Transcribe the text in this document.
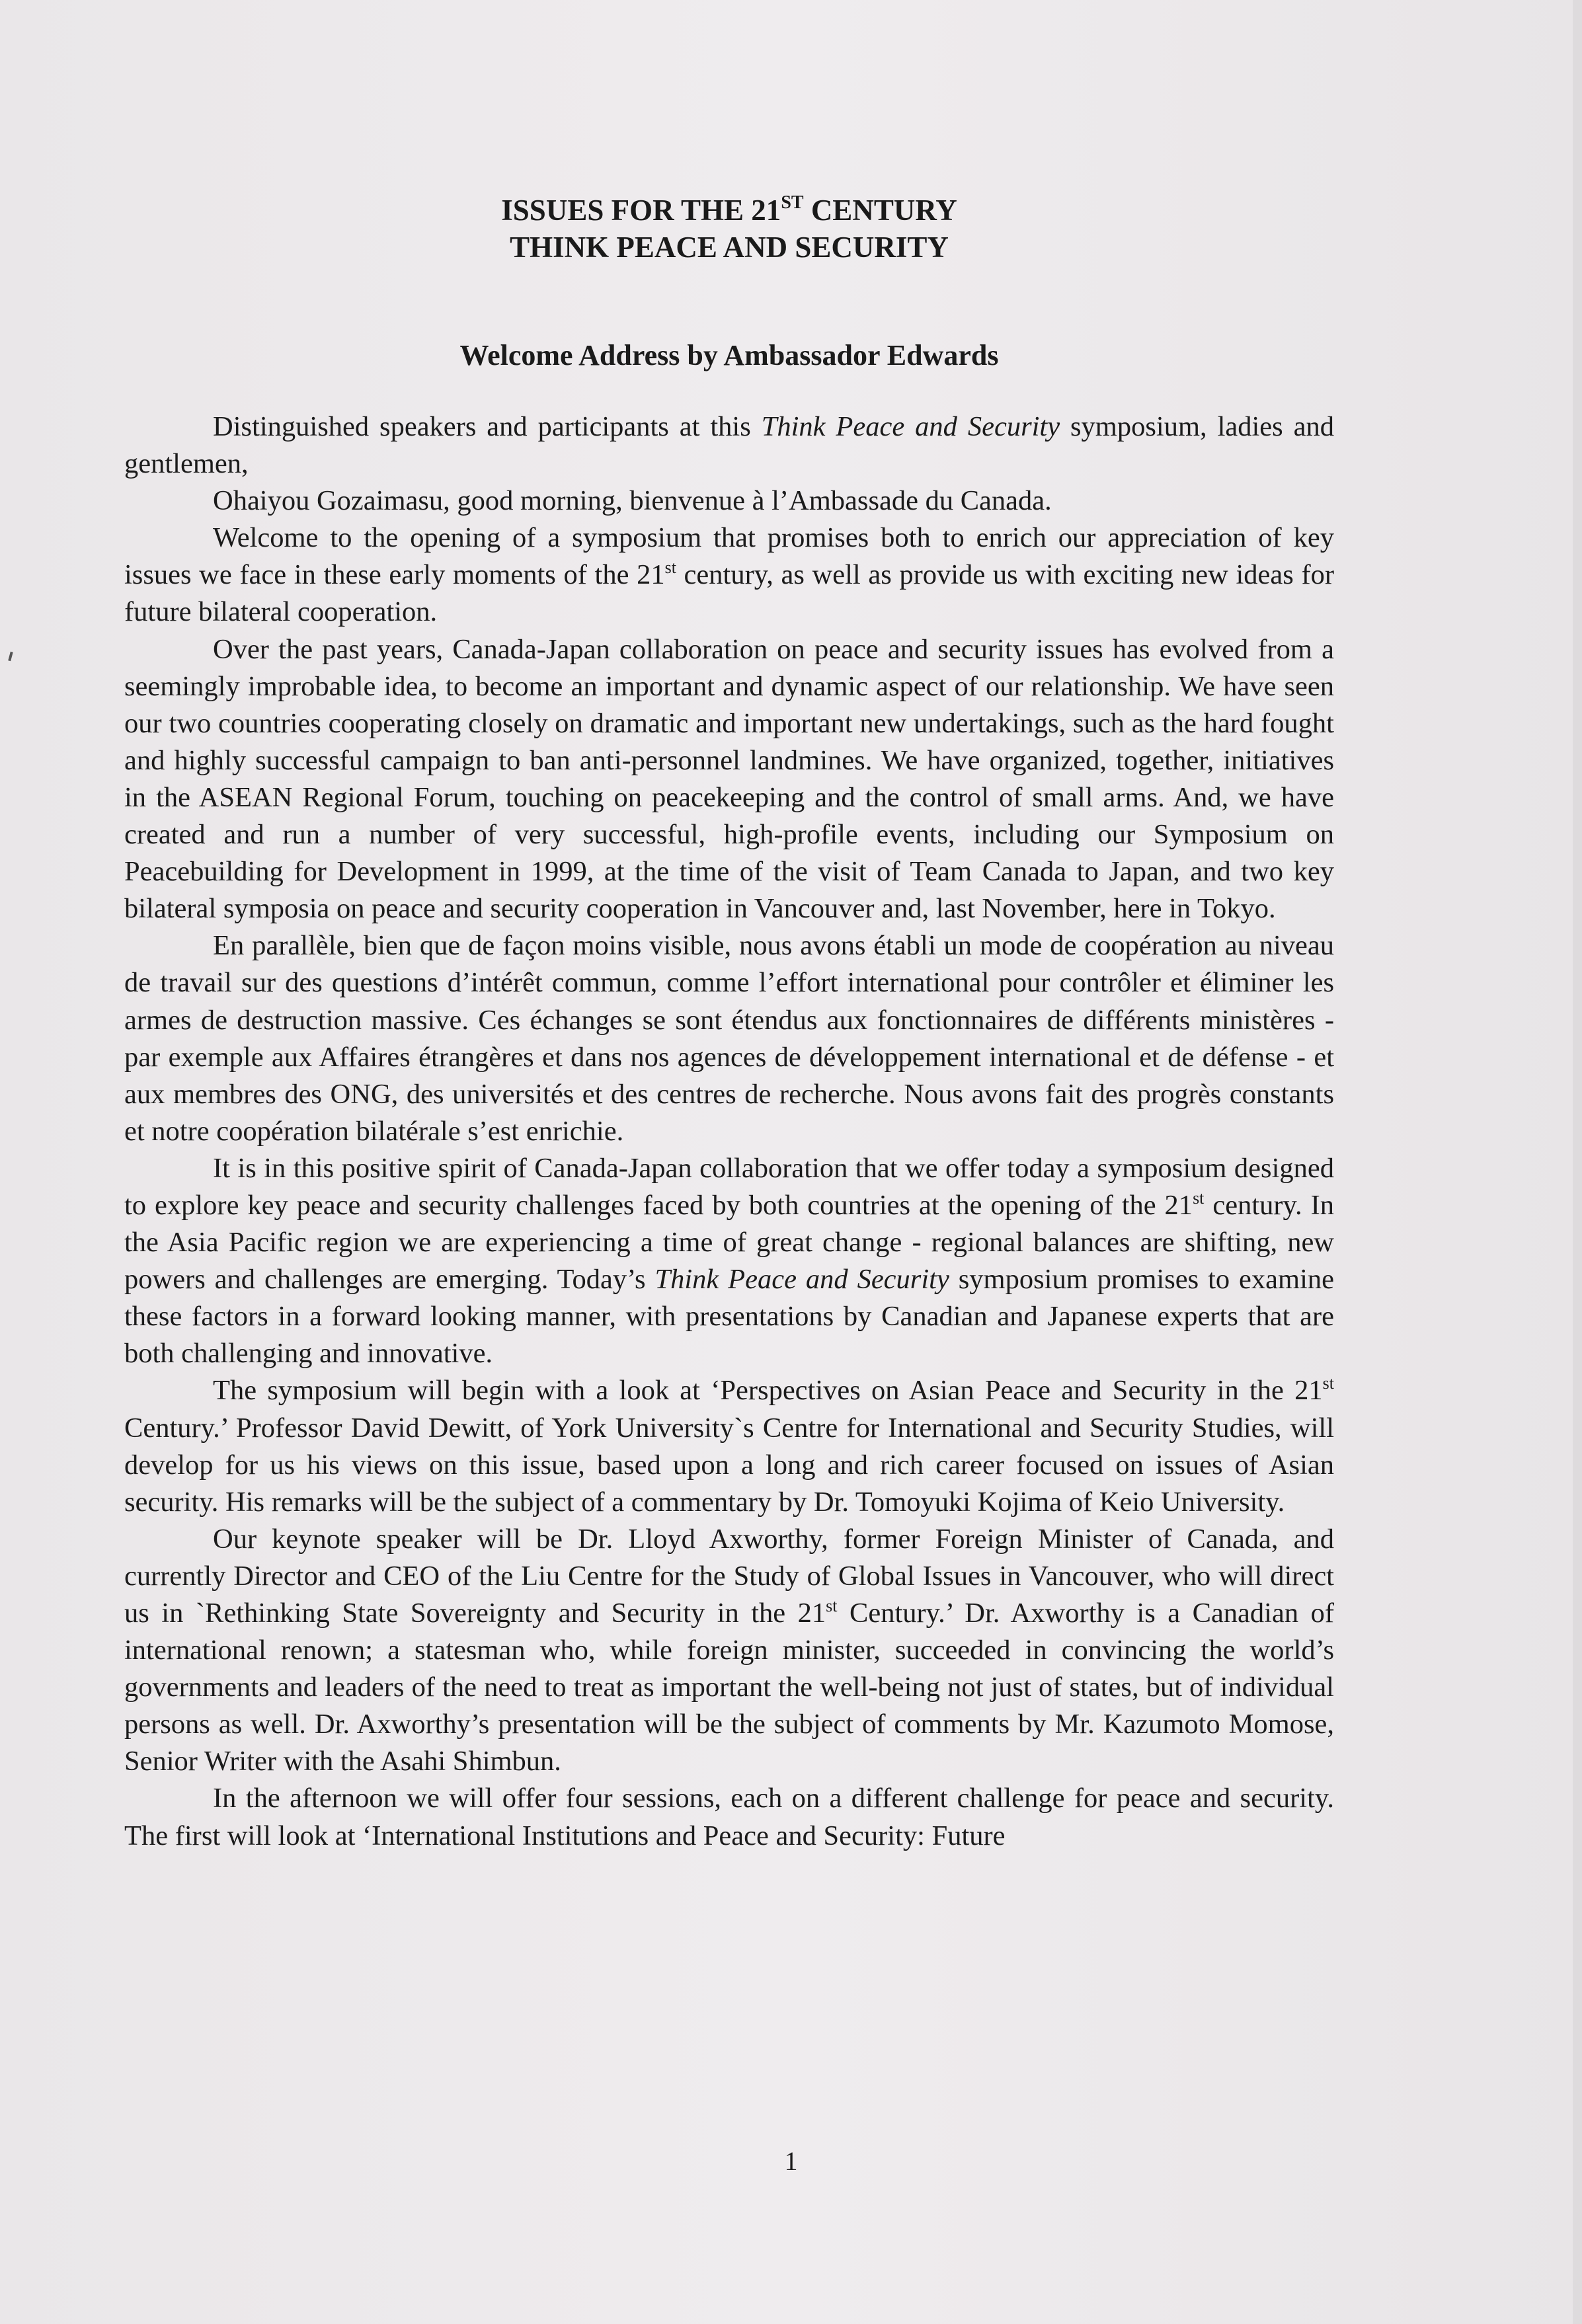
ISSUES FOR THE 21ST CENTURY
THINK PEACE AND SECURITY
Welcome Address by Ambassador Edwards

Distinguished speakers and participants at this Think Peace and Security symposium, ladies and gentlemen,

Ohaiyou Gozaimasu, good morning, bienvenue à l’Ambassade du Canada.

Welcome to the opening of a symposium that promises both to enrich our appreciation of key issues we face in these early moments of the 21st century, as well as provide us with exciting new ideas for future bilateral cooperation.

Over the past years, Canada-Japan collaboration on peace and security issues has evolved from a seemingly improbable idea, to become an important and dynamic aspect of our relationship. We have seen our two countries cooperating closely on dramatic and important new undertakings, such as the hard fought and highly successful campaign to ban anti-personnel landmines. We have organized, together, initiatives in the ASEAN Regional Forum, touching on peacekeeping and the control of small arms. And, we have created and run a number of very successful, high-profile events, including our Symposium on Peacebuilding for Development in 1999, at the time of the visit of Team Canada to Japan, and two key bilateral symposia on peace and security cooperation in Vancouver and, last November, here in Tokyo.

En parallèle, bien que de façon moins visible, nous avons établi un mode de coopération au niveau de travail sur des questions d’intérêt commun, comme l’effort international pour contrôler et éliminer les armes de destruction massive. Ces échanges se sont étendus aux fonctionnaires de différents ministères - par exemple aux Affaires étrangères et dans nos agences de développement international et de défense - et aux membres des ONG, des universités et des centres de recherche. Nous avons fait des progrès constants et notre coopération bilatérale s’est enrichie.

It is in this positive spirit of Canada-Japan collaboration that we offer today a symposium designed to explore key peace and security challenges faced by both countries at the opening of the 21st century. In the Asia Pacific region we are experiencing a time of great change - regional balances are shifting, new powers and challenges are emerging. Today’s Think Peace and Security symposium promises to examine these factors in a forward looking manner, with presentations by Canadian and Japanese experts that are both challenging and innovative.

The symposium will begin with a look at ‘Perspectives on Asian Peace and Security in the 21st Century.’ Professor David Dewitt, of York University`s Centre for International and Security Studies, will develop for us his views on this issue, based upon a long and rich career focused on issues of Asian security. His remarks will be the subject of a commentary by Dr. Tomoyuki Kojima of Keio University.

Our keynote speaker will be Dr. Lloyd Axworthy, former Foreign Minister of Canada, and currently Director and CEO of the Liu Centre for the Study of Global Issues in Vancouver, who will direct us in `Rethinking State Sovereignty and Security in the 21st Century.’ Dr. Axworthy is a Canadian of international renown; a statesman who, while foreign minister, succeeded in convincing the world’s governments and leaders of the need to treat as important the well-being not just of states, but of individual persons as well. Dr. Axworthy’s presentation will be the subject of comments by Mr. Kazumoto Momose, Senior Writer with the Asahi Shimbun.

In the afternoon we will offer four sessions, each on a different challenge for peace and security. The first will look at ‘International Institutions and Peace and Security: Future

1
